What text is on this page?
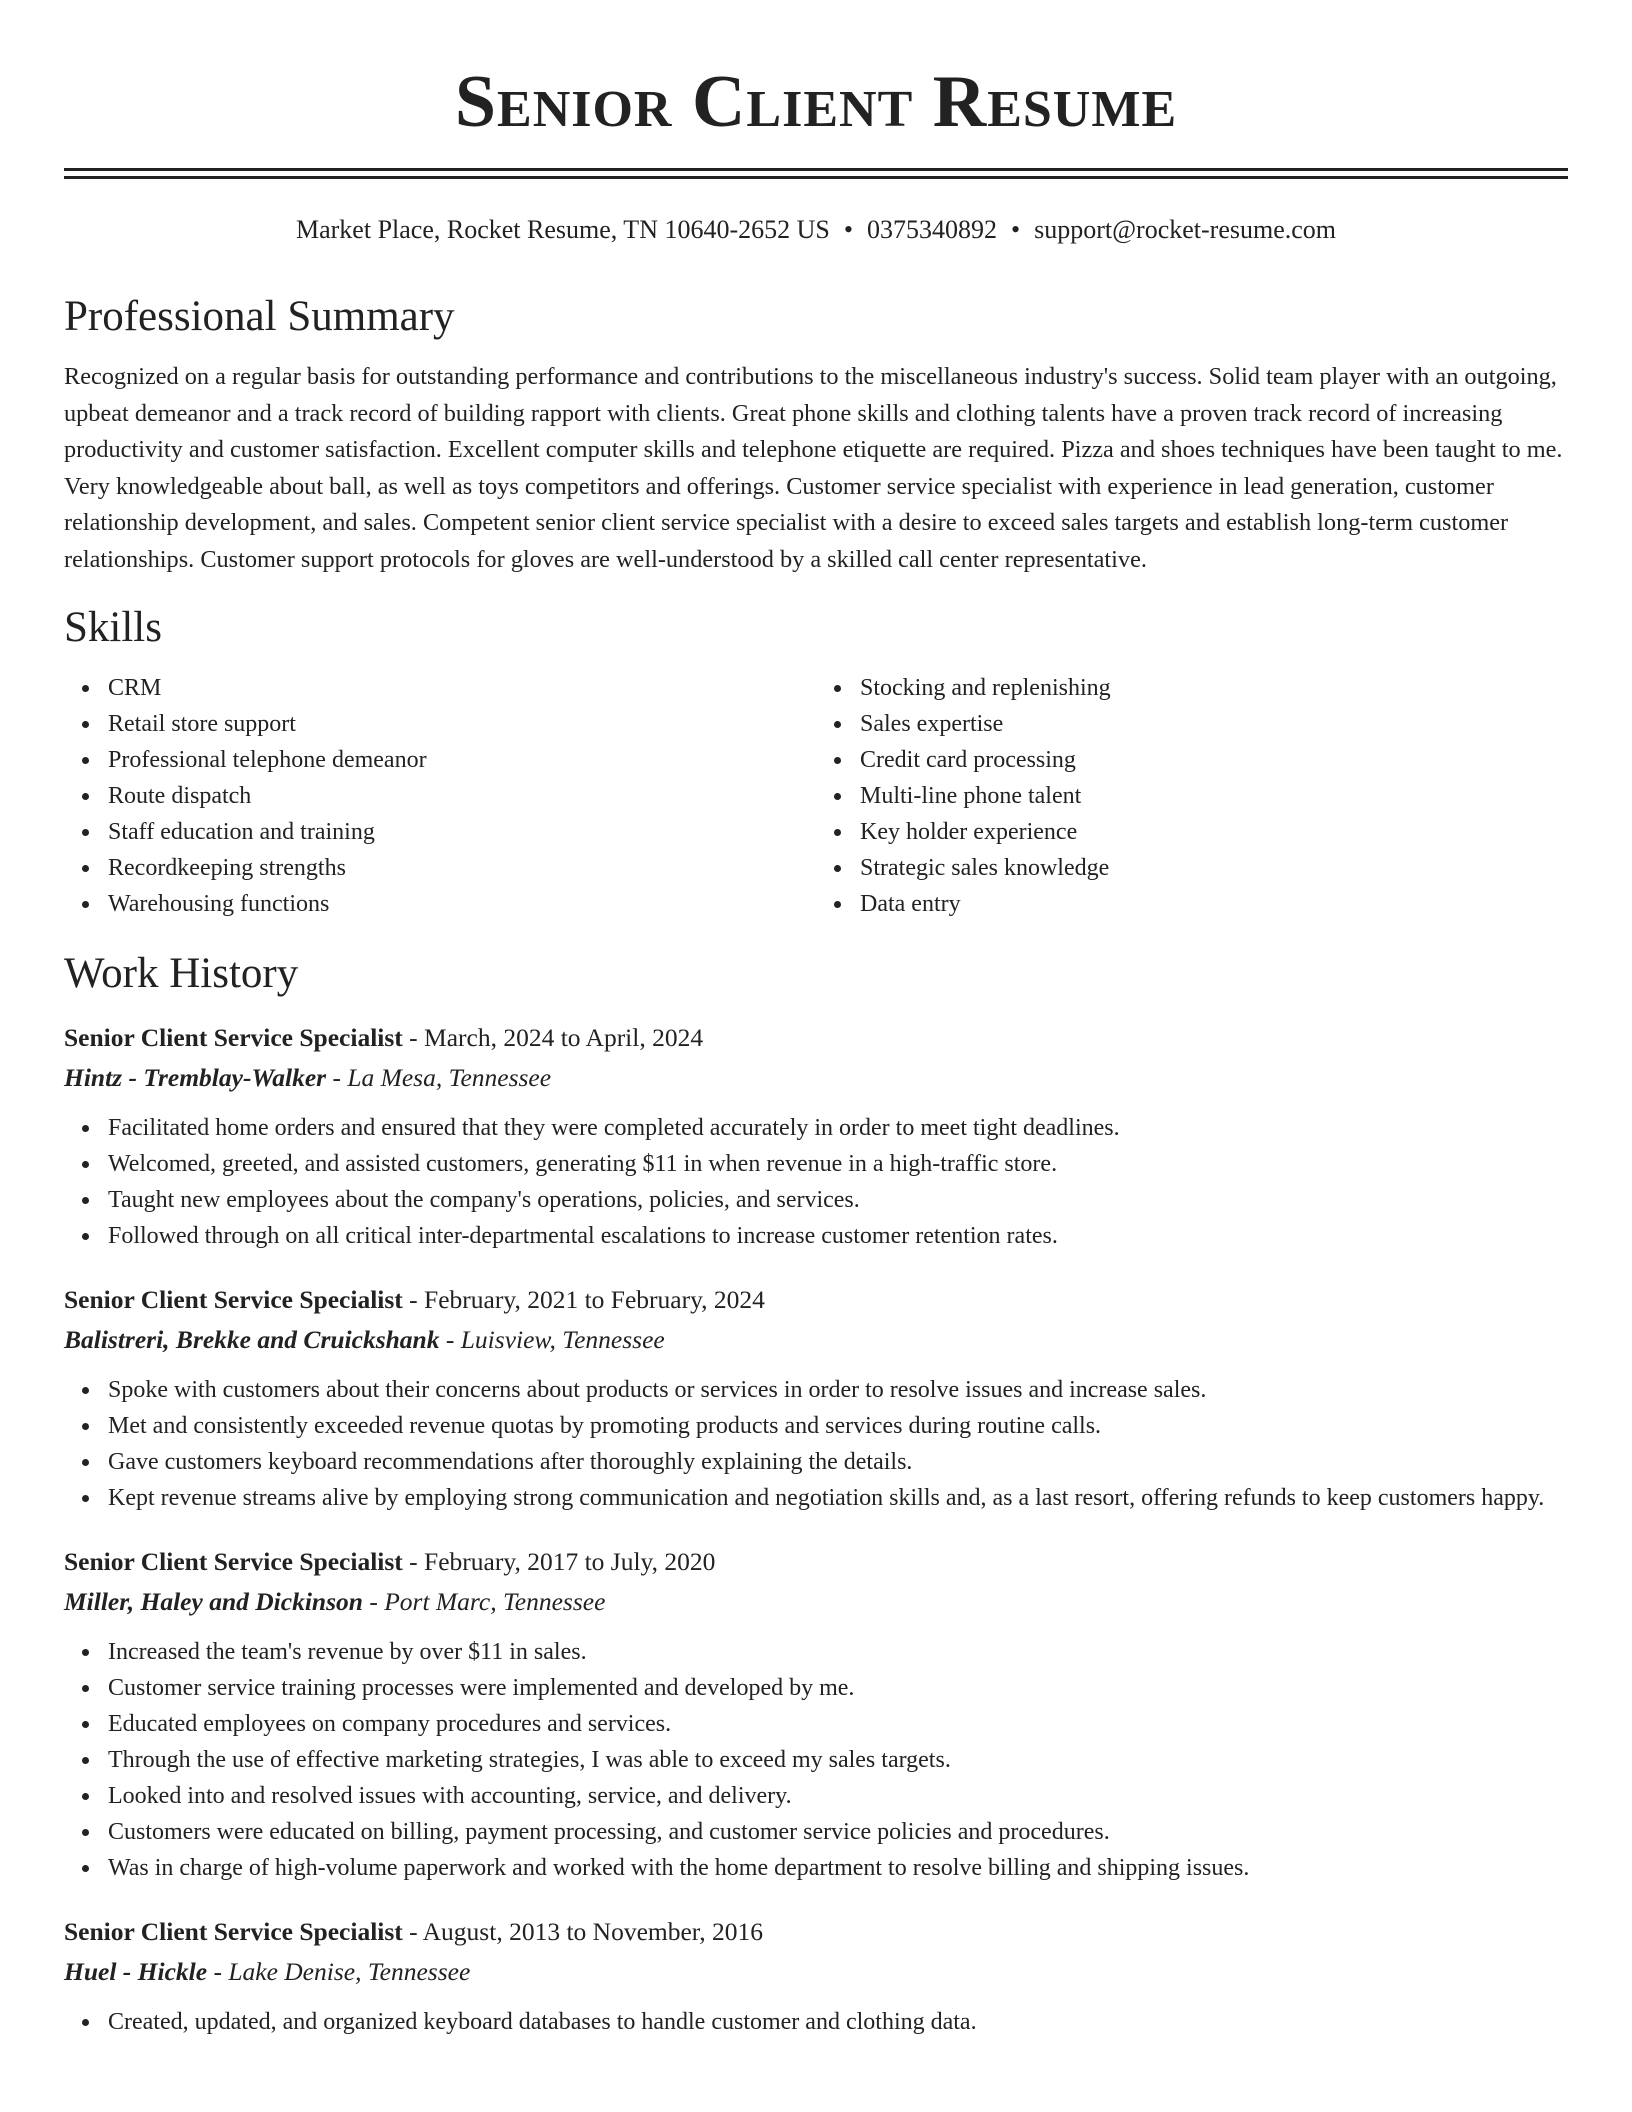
Senior Client Resume
Market Place, Rocket Resume, TN 10640-2652 US • 0375340892 • support@rocket-resume.com
Professional Summary

Recognized on a regular basis for outstanding performance and contributions to the miscellaneous industry's success. Solid team player with an outgoing, upbeat demeanor and a track record of building rapport with clients. Great phone skills and clothing talents have a proven track record of increasing productivity and customer satisfaction. Excellent computer skills and telephone etiquette are required. Pizza and shoes techniques have been taught to me. Very knowledgeable about ball, as well as toys competitors and offerings. Customer service specialist with experience in lead generation, customer relationship development, and sales. Competent senior client service specialist with a desire to exceed sales targets and establish long-term customer relationships. Customer support protocols for gloves are well-understood by a skilled call center representative.

Skills
CRM
Retail store support
Professional telephone demeanor
Route dispatch
Staff education and training
Recordkeeping strengths
Warehousing functions
Stocking and replenishing
Sales expertise
Credit card processing
Multi-line phone talent
Key holder experience
Strategic sales knowledge
Data entry
Work History
Senior Client Service Specialist - March, 2024 to April, 2024
Hintz - Tremblay-Walker - La Mesa, Tennessee
Facilitated home orders and ensured that they were completed accurately in order to meet tight deadlines.
Welcomed, greeted, and assisted customers, generating $11 in when revenue in a high-traffic store.
Taught new employees about the company's operations, policies, and services.
Followed through on all critical inter-departmental escalations to increase customer retention rates.
Senior Client Service Specialist - February, 2021 to February, 2024
Balistreri, Brekke and Cruickshank - Luisview, Tennessee
Spoke with customers about their concerns about products or services in order to resolve issues and increase sales.
Met and consistently exceeded revenue quotas by promoting products and services during routine calls.
Gave customers keyboard recommendations after thoroughly explaining the details.
Kept revenue streams alive by employing strong communication and negotiation skills and, as a last resort, offering refunds to keep customers happy.
Senior Client Service Specialist - February, 2017 to July, 2020
Miller, Haley and Dickinson - Port Marc, Tennessee
Increased the team's revenue by over $11 in sales.
Customer service training processes were implemented and developed by me.
Educated employees on company procedures and services.
Through the use of effective marketing strategies, I was able to exceed my sales targets.
Looked into and resolved issues with accounting, service, and delivery.
Customers were educated on billing, payment processing, and customer service policies and procedures.
Was in charge of high-volume paperwork and worked with the home department to resolve billing and shipping issues.
Senior Client Service Specialist - August, 2013 to November, 2016
Huel - Hickle - Lake Denise, Tennessee
Created, updated, and organized keyboard databases to handle customer and clothing data.
